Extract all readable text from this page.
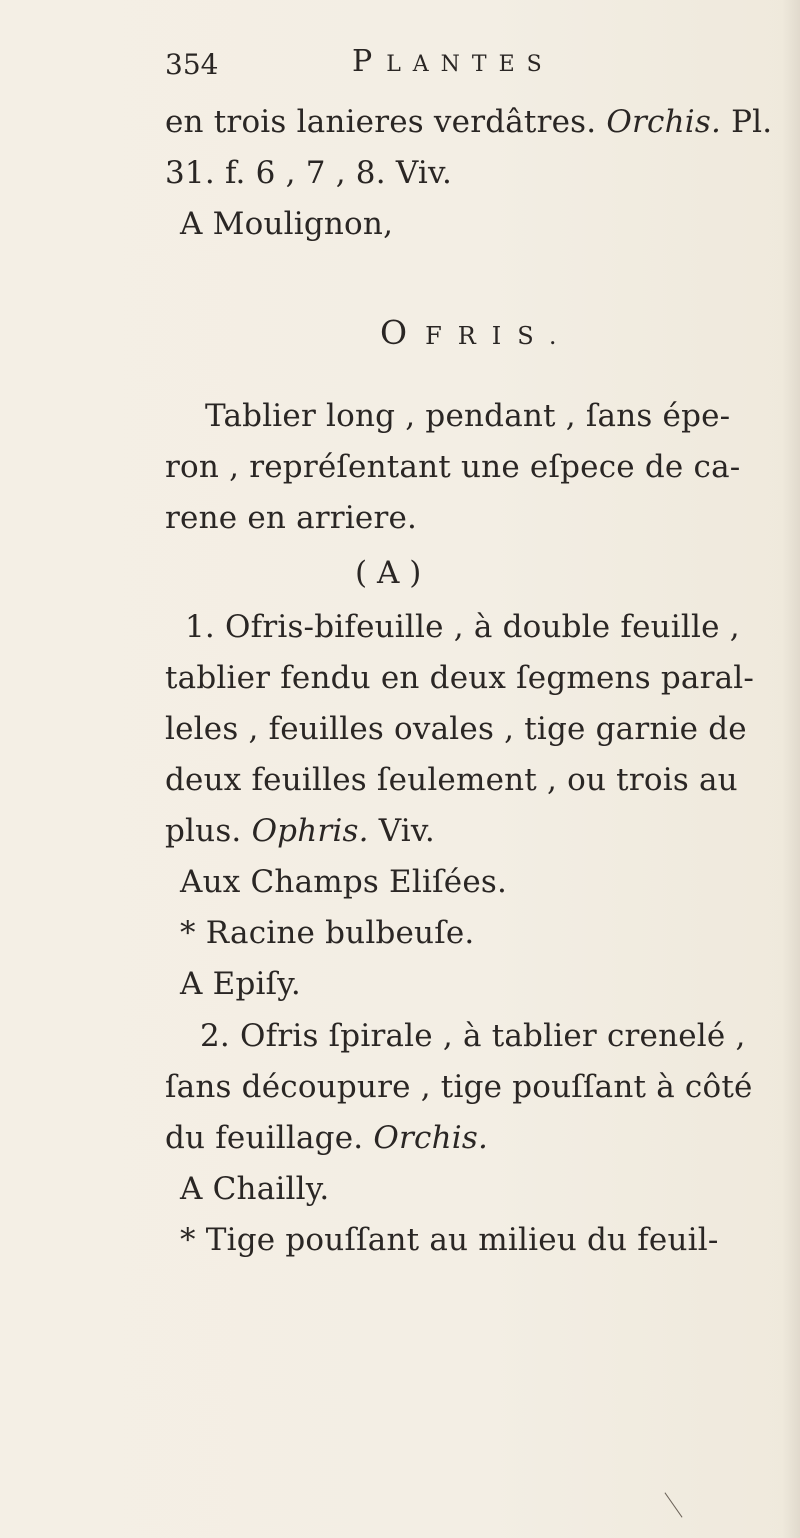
354	PLANTES
en trois lanieres verdâtres. Orchis. Pl.
31. f. 6 , 7 , 8. Viv.
A Moulignon,
OFRIS.
Tablier long , pendant , ſans épe-
ron , repréſentant une eſpece de ca-
rene en arriere.
( A )
1. Ofris-bifeuille , à double feuille ,
tablier fendu en deux ſegmens paral-
leles , feuilles ovales , tige garnie de
deux feuilles ſeulement , ou trois au
plus. Ophris. Viv.
Aux Champs Eliſées.
* Racine bulbeuſe.
A Epiſy.
2. Ofris ſpirale , à tablier crenelé ,
ſans découpure , tige pouſſant à côté
du feuillage. Orchis.
A Chailly.
* Tige pouſſant au milieu du feuil-
